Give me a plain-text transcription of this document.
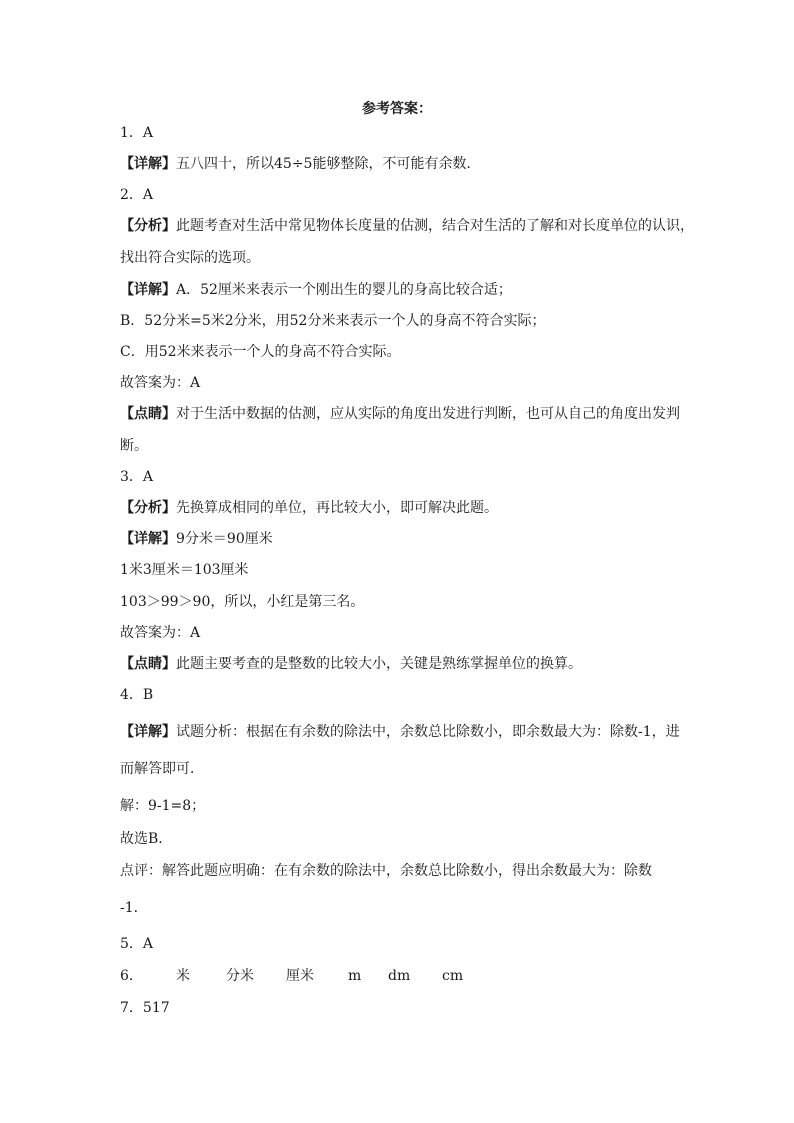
参考答案：
1．A
【详解】五八四十，所以45÷5能够整除，不可能有余数．
2．A
【分析】此题考查对生活中常见物体长度量的估测，结合对生活的了解和对长度单位的认识，
找出符合实际的选项。
【详解】A．52厘米来表示一个刚出生的婴儿的身高比较合适；
B．52分米=5米2分米，用52分米来表示一个人的身高不符合实际；
C．用52米来表示一个人的身高不符合实际。
故答案为：A
【点睛】对于生活中数据的估测，应从实际的角度出发进行判断，也可从自己的角度出发判
断。
3．A
【分析】先换算成相同的单位，再比较大小，即可解决此题。
【详解】9分米＝90厘米
1米3厘米＝103厘米
103＞99＞90，所以，小红是第三名。
故答案为：A
【点睛】此题主要考查的是整数的比较大小，关键是熟练掌握单位的换算。
4．B
【详解】试题分析：根据在有余数的除法中，余数总比除数小，即余数最大为：除数-1，进
而解答即可．
解：9-1=8；
故选B．
点评：解答此题应明确：在有余数的除法中，余数总比除数小，得出余数最大为：除数
-1．
5．A
6． 米	分米 厘米 m dm cm
7．517
